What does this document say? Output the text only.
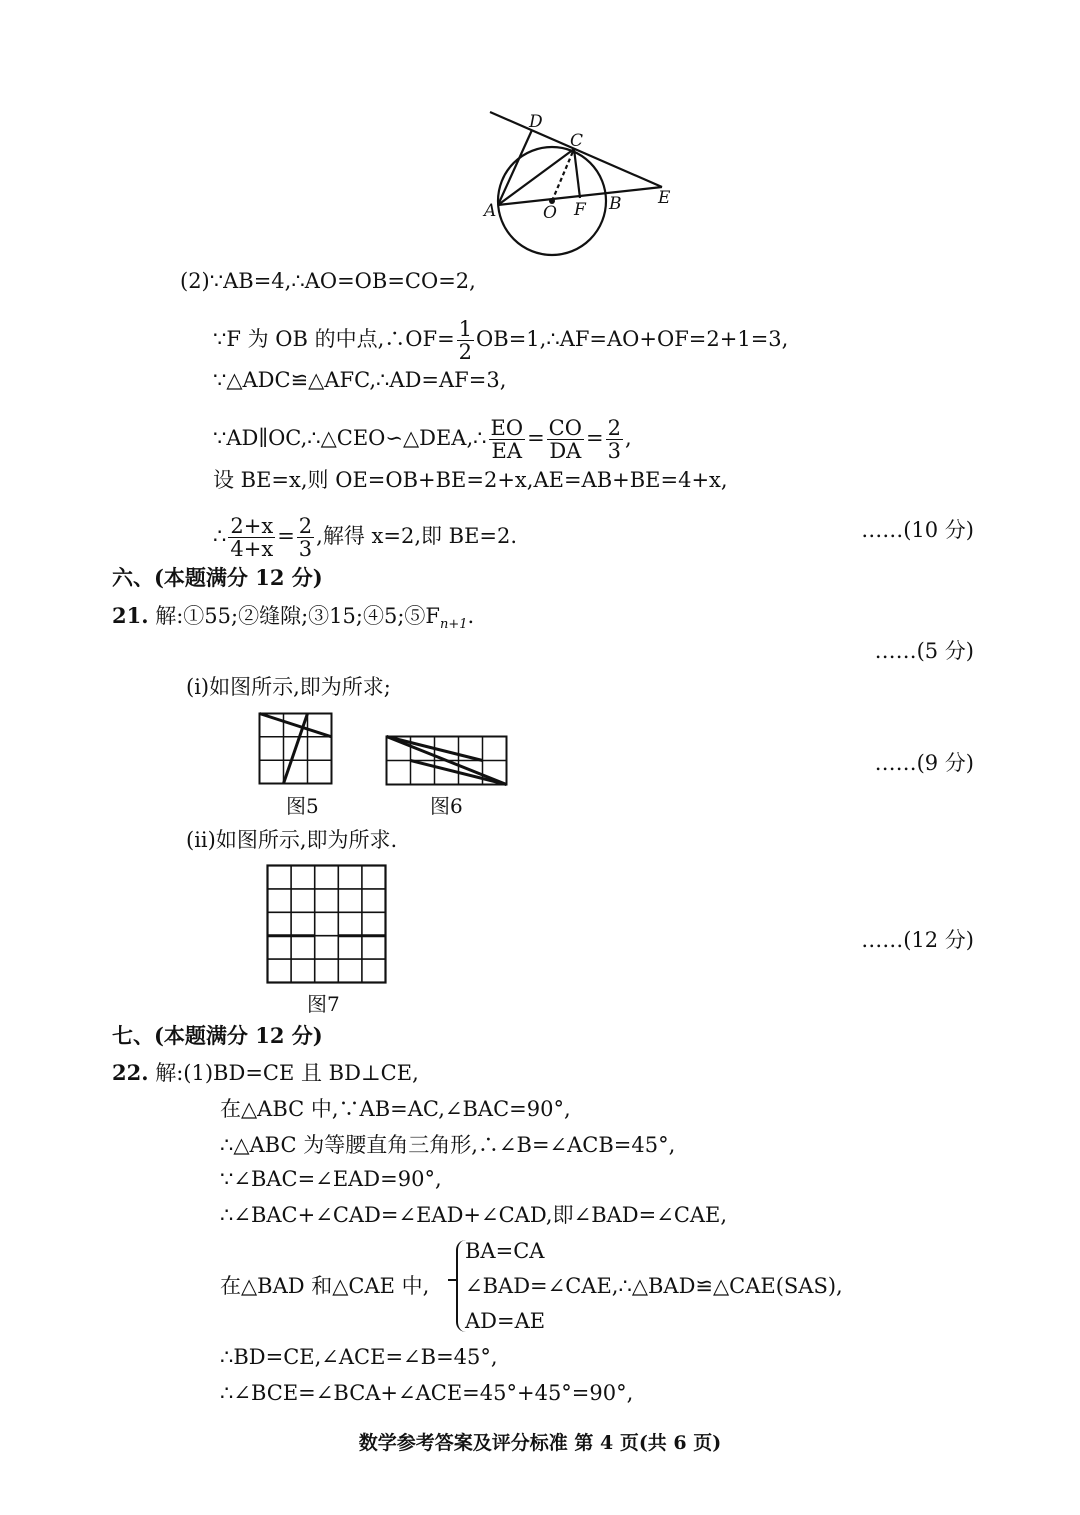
D
C
E
A	O F B
(2)∵AB=4,∴AO=OB=CO=2,
∵F 为 OB 的中点,∴OF= $\frac{1}{2}$ OB=1,∴AF=AO+OF=2+1=3,
∵△ADC≌△AFC,∴AD=AF=3,
∵AD∥OC,∴△CEO∽△DEA,∴ $\frac{EO}{EA} = \frac{CO}{DA} = \frac{2}{3}$ ,
设 BE=x,则 OE=OB+BE=2+x,AE=AB+BE=4+x,
∴ $\frac{2+x}{4+x} = \frac{2}{3}$ ,解得 x=2,即 BE=2.	……(10 分)
六、(本题满分 12 分)
21. 解:①55;②缝隙$;③15;④5;⑤F_{n+1}$.
……(5 分)
(i)如图所示,即为所求;
图5	图6
……(9 分)
(ii)如图所示,即为所求.
图7
……(12 分)
七、(本题满分 12 分)
22. 解:(1)BD=CE 且 BD⊥CE,
在△ABC 中,∵AB=AC,∠BAC=90°,
∴△ABC 为等腰直角三角形,∴∠B=∠ACB=45°,
∵∠BAC=∠EAD=90°,
∴∠BAC+∠CAD=∠EAD+∠CAD,即∠BAD=∠CAE,
在△BAD 和△CAE 中,
BA=CA
∠BAD=∠CAE,∴△BAD≌△CAE(SAS),
AD=AE
∴BD=CE,∠ACE=∠B=45°,
∴∠BCE=∠BCA+∠ACE=45°+45°=90°,
数学参考答案及评分标准 第 4 页(共 6 页)
